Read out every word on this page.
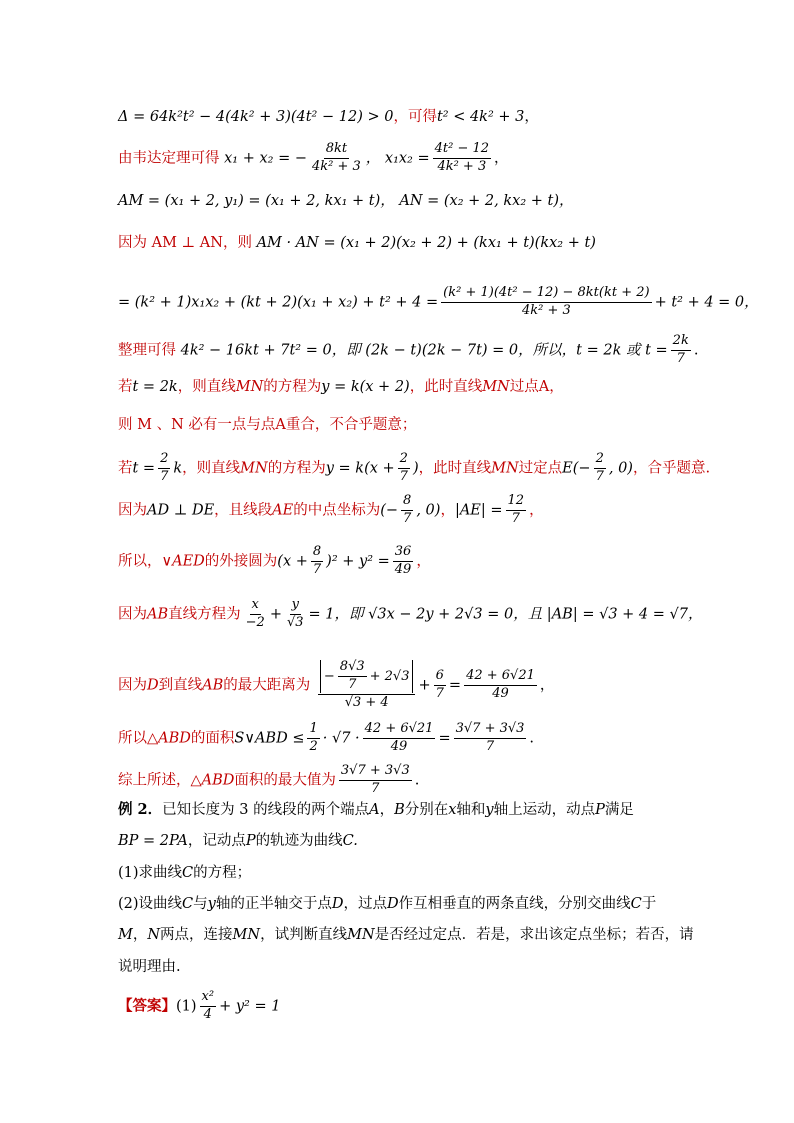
Δ = 64k²t² − 4(4k² + 3)(4t² − 12) > 0，可得t² < 4k² + 3，
由韦达定理可得 x₁ + x₂ = − $\frac{8kt}{\text{4k² + 3}}$ ， $x_1x_2 = \frac{\text{4t² − 12}}{\text{4k² + 3}}$ ，
AM = (x₁ + 2, y₁) = (x₁ + 2, kx₁ + t)， AN = (x₂ + 2, kx₂ + t)，
因为 AM ⊥ AN，则 AM · AN = (x₁ + 2)(x₂ + 2) + (kx₁ + t)(kx₂ + t)
= $(k^2 + 1)x_1x_2 + (kt + 2)(x_1 + x_2) + t^2 + 4 = \frac{\text{(k² + 1)(4t² − 12) − 8kt(kt + 2)}}{\text{4k² + 3}} + t^2 + 4 = 0$，
整理可得 4k² − 16kt + 7t² = 0，即 (2k − t)(2k − 7t) = 0，所以，t = 2k 或 $t = \frac{2k}{7}$ .
若t = 2k，则直线MN的方程为y = k(x + 2)，此时直线MN过点A，
则 M 、N 必有一点与点A重合，不合乎题意；
若$t = \frac{2}{7}$ k，则直线MN的方程为$y = k(x + \frac{2}{7}$ )，此时直线MN过定点$E(- \frac{2}{7}$ , 0)，合乎题意.
因为AD ⊥ DE，且线段AE的中点坐标为(− $\frac{8}{7}$ , 0)，$|AE| = \frac{12}{7}$ ，
所以，∨AED的外接圆为$(x + \frac{8}{7} )^2 + y^2 = \frac{36}{49}$ ，
因为AB直线方程为 $\frac{x}{-2} + \frac{y}{√3} = 1$，即 √3x − 2y + 2√3 = 0，且 |AB| = √3 + 4 = √7，
因为D到直线AB的最大距离为 $\frac{- \frac{8√3}{7} + 2√3}{√3 + 4} + \frac{6}{7} = \frac{42 + 6√21}{49}$ ，
所以△ABD的面积S∨ABD ≤ $\frac{1}{2} \cdot √7 \cdot \frac{42 + 6√21}{49} = \frac{3√7 + 3√3}{7}$ .
综上所述，△ABD面积的最大值为 $\frac{3√7 + 3√3}{7}$ .
例 2．已知长度为 3 的线段的两个端点A，B分别在x轴和y轴上运动，动点P满足
BP = 2PA，记动点P的轨迹为曲线C.
(1)求曲线C的方程；
(2)设曲线C与y轴的正半轴交于点D，过点D作互相垂直的两条直线，分别交曲线C于
M，N两点，连接MN，试判断直线MN是否经过定点．若是，求出该定点坐标；若否，请
说明理由.
【答案】$(1) \frac{\text{x²}}{4} + y^2 = 1$
